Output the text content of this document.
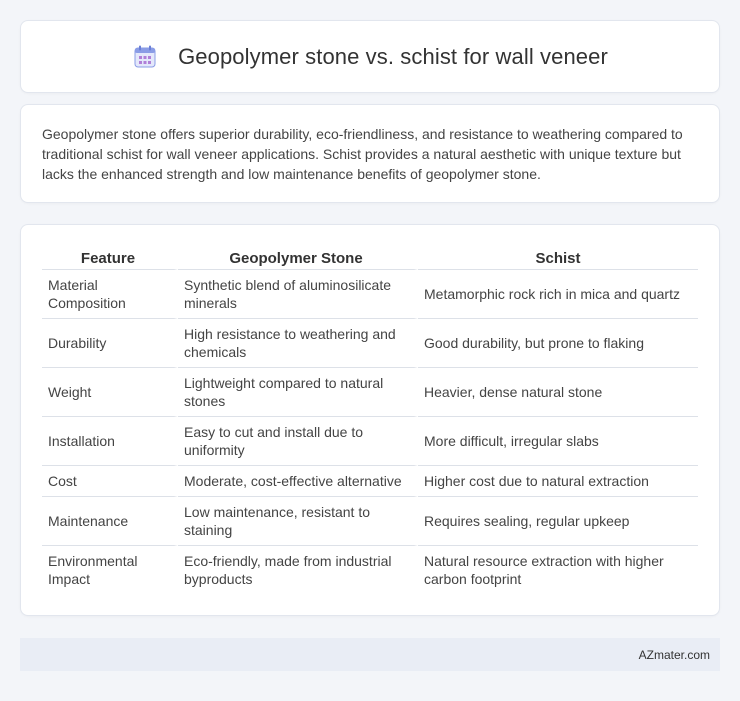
Geopolymer stone vs. schist for wall veneer

Geopolymer stone offers superior durability, eco-friendliness, and resistance to weathering compared to traditional schist for wall veneer applications. Schist provides a natural aesthetic with unique texture but lacks the enhanced strength and low maintenance benefits of geopolymer stone.

Feature	Geopolymer Stone	Schist
Material Composition	Synthetic blend of aluminosilicate minerals	Metamorphic rock rich in mica and quartz
Durability	High resistance to weathering and chemicals	Good durability, but prone to flaking
Weight	Lightweight compared to natural stones	Heavier, dense natural stone
Installation	Easy to cut and install due to uniformity	More difficult, irregular slabs
Cost	Moderate, cost-effective alternative	Higher cost due to natural extraction
Maintenance	Low maintenance, resistant to staining	Requires sealing, regular upkeep
Environmental Impact	Eco-friendly, made from industrial byproducts	Natural resource extraction with higher carbon footprint
AZmater.com
